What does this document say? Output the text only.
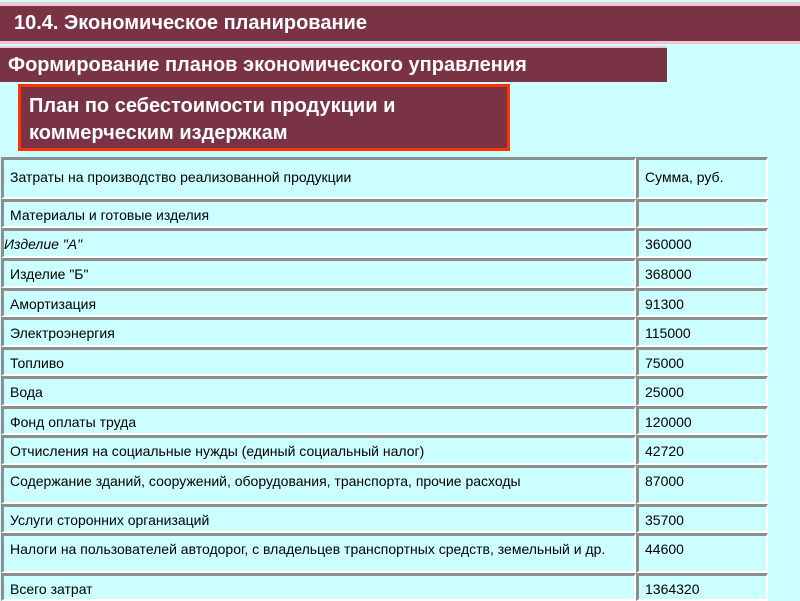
10.4. Экономическое планирование
Формирование планов экономического управления
План по себестоимости продукции и коммерческим издержкам
Затраты на производство реализованной продукции	Сумма, руб.
Материалы и готовые изделия	
Изделие "А"	360000
Изделие "Б"	368000
Амортизация	91300
Электроэнергия	115000
Топливо	75000
Вода	25000
Фонд оплаты труда	120000
Отчисления на социальные нужды (единый социальный налог)	42720
Содержание зданий, сооружений, оборудования, транспорта, прочие расходы	87000
Услуги сторонних организаций	35700
Налоги на пользователей автодорог, с владельцев транспортных средств, земельный и др.	44600
Всего затрат	1364320
